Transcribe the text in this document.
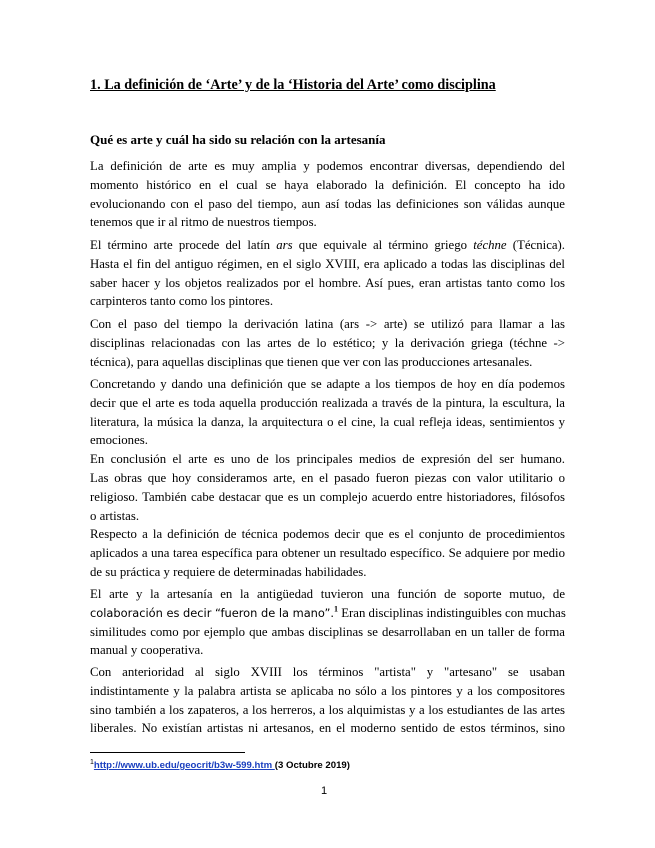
1. La definición de ‘Arte’ y de la ‘Historia del Arte’ como disciplina
Qué es arte y cuál ha sido su relación con la artesanía
La definición de arte es muy amplia y podemos encontrar diversas, dependiendo del
momento histórico en el cual se haya elaborado la definición. El concepto ha ido
evolucionando con el paso del tiempo, aun así todas las definiciones son válidas aunque
tenemos que ir al ritmo de nuestros tiempos.
El término arte procede del latín ars que equivale al término griego téchne (Técnica).
Hasta el fin del antiguo régimen, en el siglo XVIII, era aplicado a todas las disciplinas del
saber hacer y los objetos realizados por el hombre. Así pues, eran artistas tanto como los
carpinteros tanto como los pintores.
Con el paso del tiempo la derivación latina (ars -> arte) se utilizó para llamar a las
disciplinas relacionadas con las artes de lo estético; y la derivación griega (téchne ->
técnica), para aquellas disciplinas que tienen que ver con las producciones artesanales.
Concretando y dando una definición que se adapte a los tiempos de hoy en día podemos
decir que el arte es toda aquella producción realizada a través de la pintura, la escultura, la
literatura, la música la danza, la arquitectura o el cine, la cual refleja ideas, sentimientos y
emociones.
En conclusión el arte es uno de los principales medios de expresión del ser humano.
Las obras que hoy consideramos arte, en el pasado fueron piezas con valor utilitario o
religioso. También cabe destacar que es un complejo acuerdo entre historiadores, filósofos
o artistas.
Respecto a la definición de técnica podemos decir que es el conjunto de procedimientos
aplicados a una tarea específica para obtener un resultado específico. Se adquiere por medio
de su práctica y requiere de determinadas habilidades.
El arte y la artesanía en la antigüedad tuvieron una función de soporte mutuo, de
colaboración es decir “fueron de la mano”.$^1$ Eran disciplinas indistinguibles con muchas
similitudes como por ejemplo que ambas disciplinas se desarrollaban en un taller de forma
manual y cooperativa.
Con anterioridad al siglo XVIII los términos "artista" y "artesano" se usaban
indistintamente y la palabra artista se aplicaba no sólo a los pintores y a los compositores
sino también a los zapateros, a los herreros, a los alquimistas y a los estudiantes de las artes
liberales. No existían artistas ni artesanos, en el moderno sentido de estos términos, sino
$^1$http://www.ub.edu/geocrit/b3w-599.htm (3 Octubre 2019)
1
